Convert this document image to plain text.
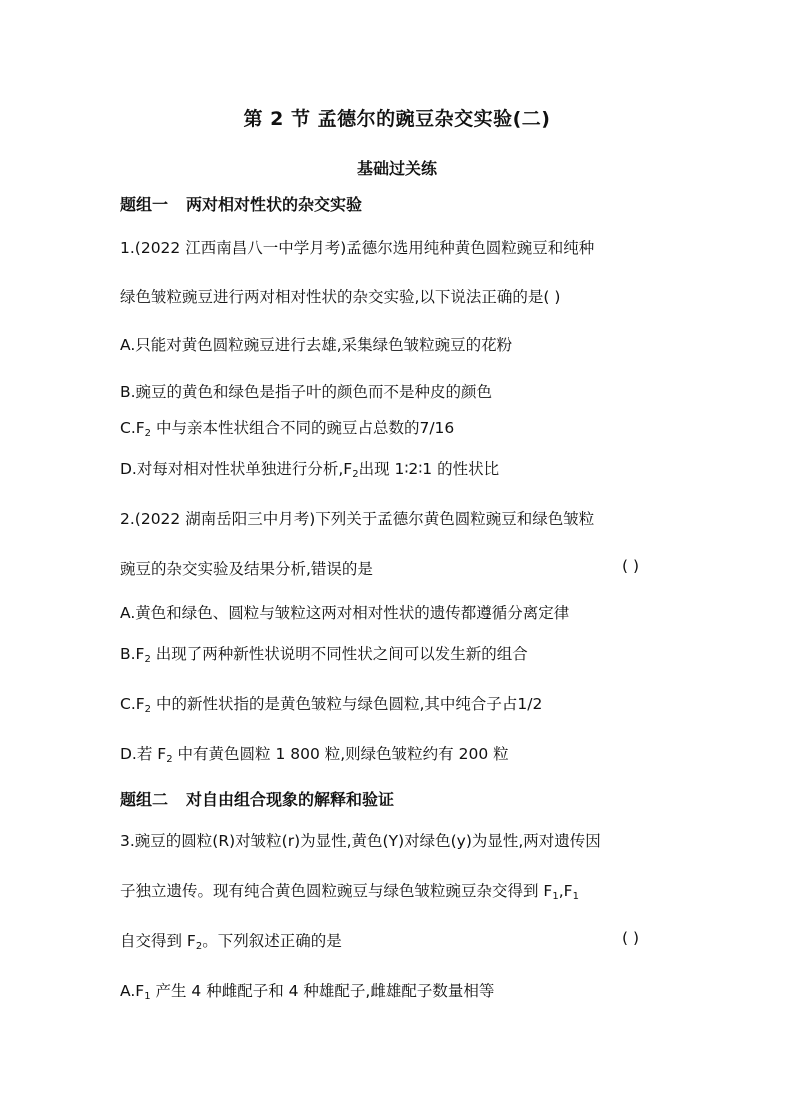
第 2 节 孟德尔的豌豆杂交实验(二)
基础过关练
题组一 两对相对性状的杂交实验
1.(2022 江西南昌八一中学月考)孟德尔选用纯种黄色圆粒豌豆和纯种
绿色皱粒豌豆进行两对相对性状的杂交实验,以下说法正确的是( )
A.只能对黄色圆粒豌豆进行去雄,采集绿色皱粒豌豆的花粉
B.豌豆的黄色和绿色是指子叶的颜色而不是种皮的颜色
$C.F_2$ 中与亲本性状组合不同的豌豆占总数的7/16
D.对每对相对性状单独进行分析$,F_2$出现 1∶2∶1 的性状比
2.(2022 湖南岳阳三中月考)下列关于孟德尔黄色圆粒豌豆和绿色皱粒
豌豆的杂交实验及结果分析,错误的是	( )
A.黄色和绿色、圆粒与皱粒这两对相对性状的遗传都遵循分离定律
$B.F_2$ 出现了两种新性状说明不同性状之间可以发生新的组合
$C.F_2$ 中的新性状指的是黄色皱粒与绿色圆粒,其中纯合子占1/2
D.若 $F_2$ 中有黄色圆粒 1 800 粒,则绿色皱粒约有 200 粒
题组二 对自由组合现象的解释和验证
3.豌豆的圆粒(R)对皱粒(r)为显性,黄色(Y)对绿色(y)为显性,两对遗传因
子独立遗传。现有纯合黄色圆粒豌豆与绿色皱粒豌豆杂交得到 $F_1,F_1$
自交得到 $F_2$。下列叙述正确的是	( )
$A.F_1$ 产生 4 种雌配子和 4 种雄配子,雌雄配子数量相等
